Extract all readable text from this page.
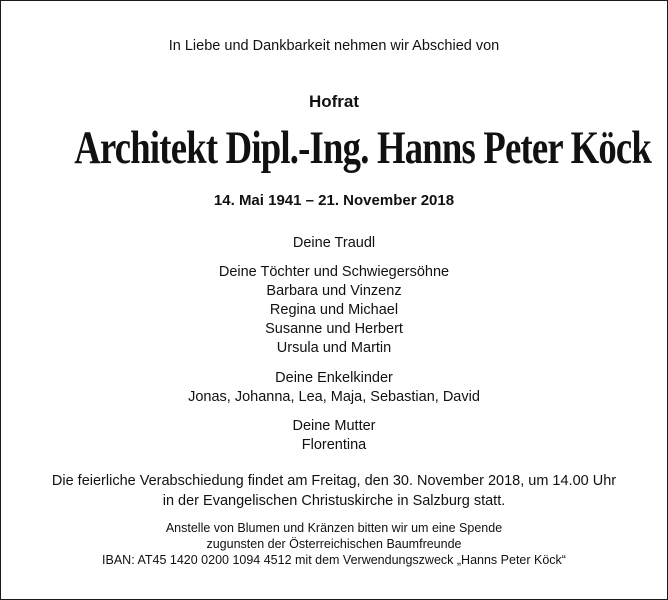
In Liebe und Dankbarkeit nehmen wir Abschied von
Hofrat
Architekt Dipl.-Ing. Hanns Peter Köck
14. Mai 1941 – 21. November 2018
Deine Traudl
Deine Töchter und Schwiegersöhne
Barbara und Vinzenz
Regina und Michael
Susanne und Herbert
Ursula und Martin
Deine Enkelkinder
Jonas, Johanna, Lea, Maja, Sebastian, David
Deine Mutter
Florentina
Die feierliche Verabschiedung findet am Freitag, den 30. November 2018, um 14.00 Uhr
in der Evangelischen Christuskirche in Salzburg statt.
Anstelle von Blumen und Kränzen bitten wir um eine Spende
zugunsten der Österreichischen Baumfreunde
IBAN: AT45 1420 0200 1094 4512 mit dem Verwendungszweck „Hanns Peter Köck“
